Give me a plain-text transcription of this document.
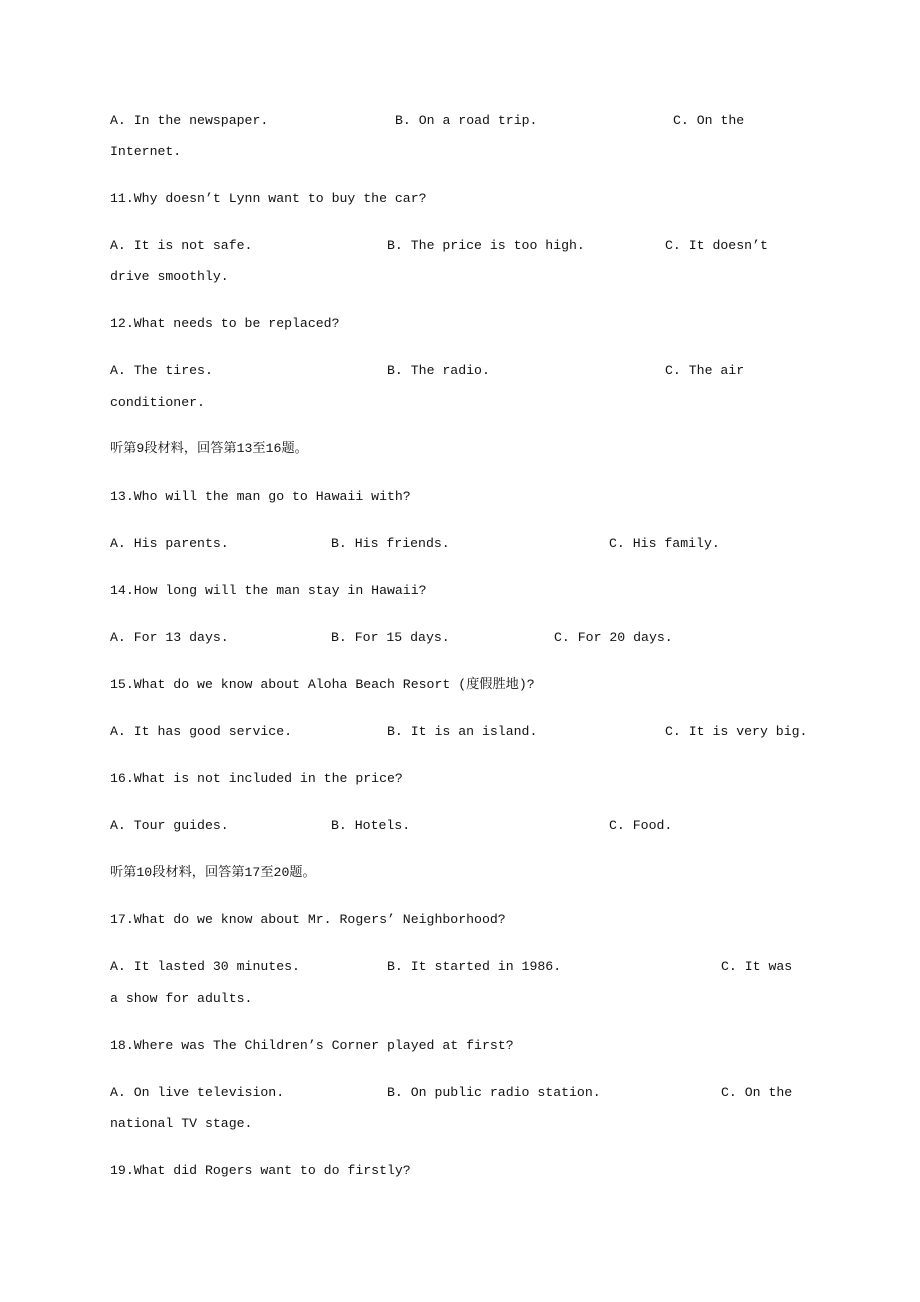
A. In the newspaper.	B. On a road trip.	C. On the
Internet.
11.Why doesn’t Lynn want to buy the car?
A. It is not safe.	B. The price is too high.	C. It doesn’t
drive smoothly.
12.What needs to be replaced?
A. The tires.	B. The radio.	C. The air
conditioner.
听第9段材料，回答第13至16题。
13.Who will the man go to Hawaii with?
A. His parents.	B. His friends.	C. His family.
14.How long will the man stay in Hawaii?
A. For 13 days.	B. For 15 days.	C. For 20 days.
15.What do we know about Aloha Beach Resort (度假胜地)?
A. It has good service.	B. It is an island.	C. It is very big.
16.What is not included in the price?
A. Tour guides.	B. Hotels.	C. Food.
听第10段材料，回答第17至20题。
17.What do we know about Mr. Rogers’ Neighborhood?
A. It lasted 30 minutes.	B. It started in 1986.	C. It was
a show for adults.
18.Where was The Children’s Corner played at first?
A. On live television.	B. On public radio station.	C. On the
national TV stage.
19.What did Rogers want to do firstly?
